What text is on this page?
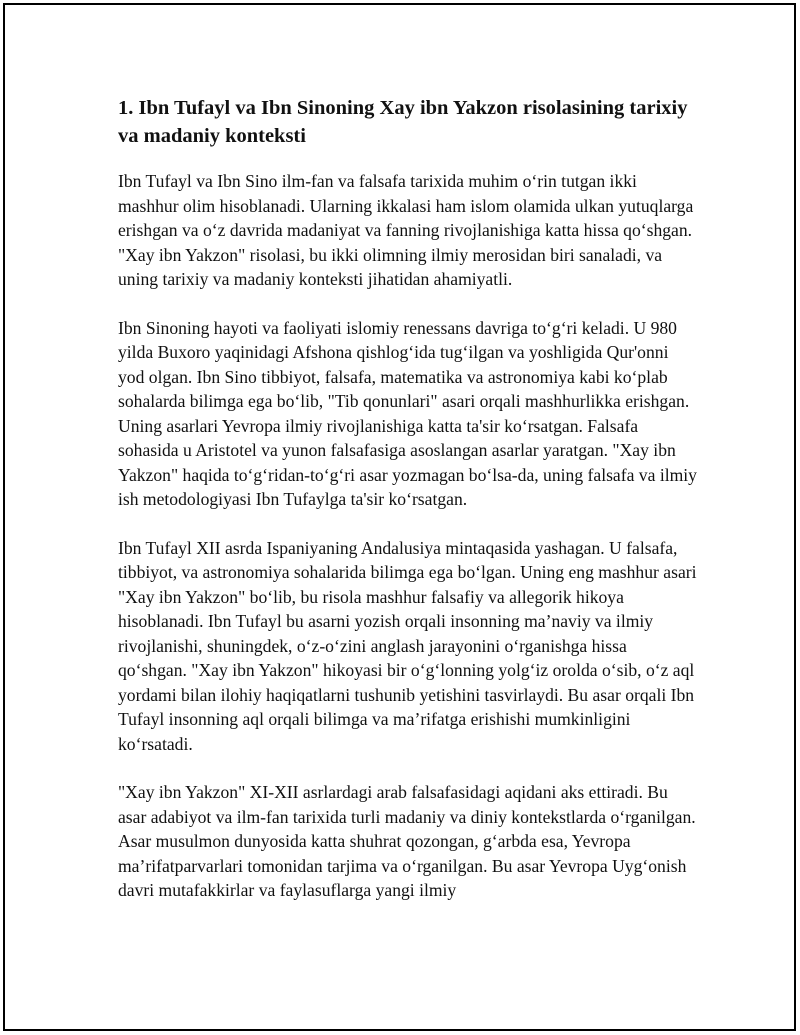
1. Ibn Tufayl va Ibn Sinoning Xay ibn Yakzon risolasining tarixiy va madaniy konteksti

Ibn Tufayl va Ibn Sino ilm-fan va falsafa tarixida muhim o‘rin tutgan ikki mashhur olim hisoblanadi. Ularning ikkalasi ham islom olamida ulkan yutuqlarga erishgan va o‘z davrida madaniyat va fanning rivojlanishiga katta hissa qo‘shgan. "Xay ibn Yakzon" risolasi, bu ikki olimning ilmiy merosidan biri sanaladi, va uning tarixiy va madaniy konteksti jihatidan ahamiyatli.

Ibn Sinoning hayoti va faoliyati islomiy renessans davriga to‘g‘ri keladi. U 980 yilda Buxoro yaqinidagi Afshona qishlog‘ida tug‘ilgan va yoshligida Qur'onni yod olgan. Ibn Sino tibbiyot, falsafa, matematika va astronomiya kabi ko‘plab sohalarda bilimga ega bo‘lib, "Tib qonunlari" asari orqali mashhurlikka erishgan. Uning asarlari Yevropa ilmiy rivojlanishiga katta ta'sir ko‘rsatgan. Falsafa sohasida u Aristotel va yunon falsafasiga asoslangan asarlar yaratgan. "Xay ibn Yakzon" haqida to‘g‘ridan-to‘g‘ri asar yozmagan bo‘lsa-da, uning falsafa va ilmiy ish metodologiyasi Ibn Tufaylga ta'sir ko‘rsatgan.

Ibn Tufayl XII asrda Ispaniyaning Andalusiya mintaqasida yashagan. U falsafa, tibbiyot, va astronomiya sohalarida bilimga ega bo‘lgan. Uning eng mashhur asari "Xay ibn Yakzon" bo‘lib, bu risola mashhur falsafiy va allegorik hikoya hisoblanadi. Ibn Tufayl bu asarni yozish orqali insonning ma’naviy va ilmiy rivojlanishi, shuningdek, o‘z-o‘zini anglash jarayonini o‘rganishga hissa qo‘shgan. "Xay ibn Yakzon" hikoyasi bir o‘g‘lonning yolg‘iz orolda o‘sib, o‘z aql yordami bilan ilohiy haqiqatlarni tushunib yetishini tasvirlaydi. Bu asar orqali Ibn Tufayl insonning aql orqali bilimga va ma’rifatga erishishi mumkinligini ko‘rsatadi.

"Xay ibn Yakzon" XI-XII asrlardagi arab falsafasidagi aqidani aks ettiradi. Bu asar adabiyot va ilm-fan tarixida turli madaniy va diniy kontekstlarda o‘rganilgan. Asar musulmon dunyosida katta shuhrat qozongan, g‘arbda esa, Yevropa ma’rifatparvarlari tomonidan tarjima va o‘rganilgan. Bu asar Yevropa Uyg‘onish davri mutafakkirlar va faylasuflarga yangi ilmiy
